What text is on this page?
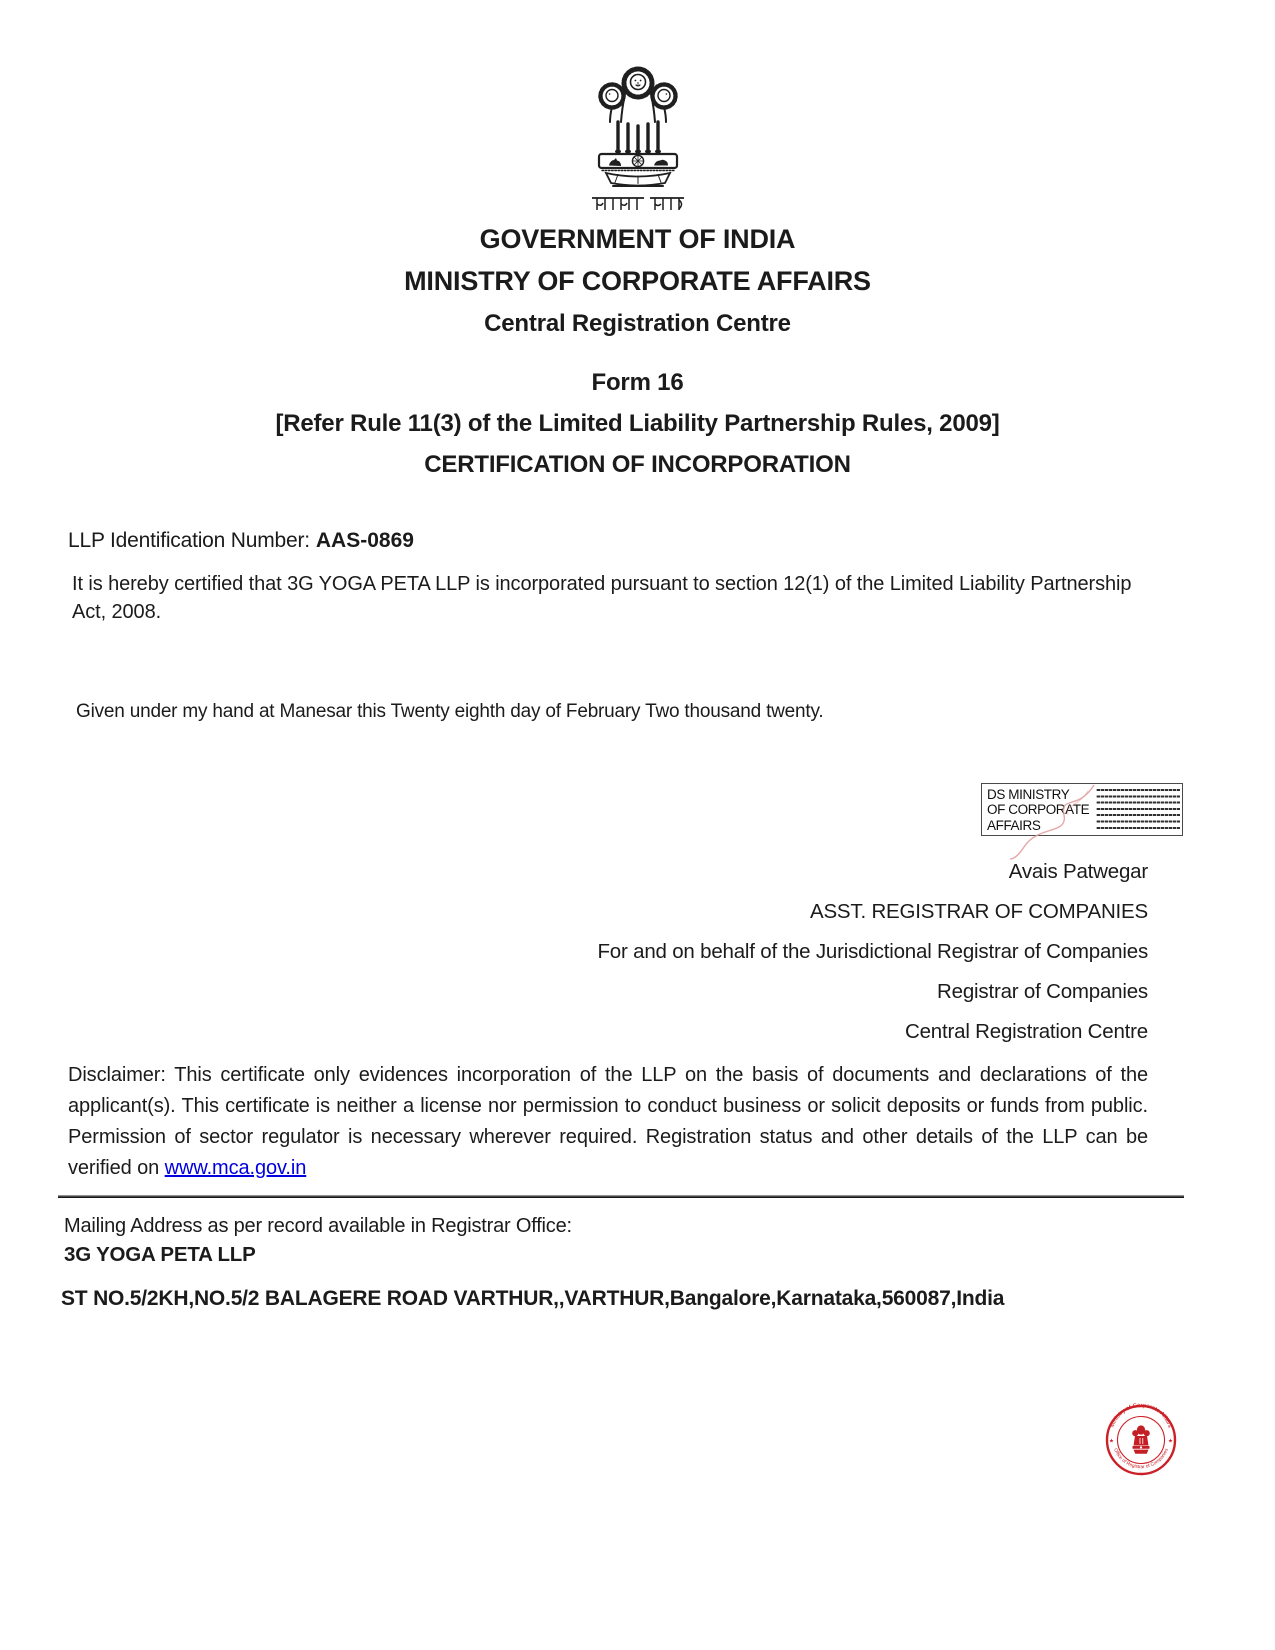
GOVERNMENT OF INDIA
MINISTRY OF CORPORATE AFFAIRS
Central Registration Centre
Form 16
[Refer Rule 11(3) of the Limited Liability Partnership Rules, 2009]
CERTIFICATION OF INCORPORATION
LLP Identification Number: AAS-0869

It is hereby certified that 3G YOGA PETA LLP is incorporated pursuant to section 12(1) of the Limited Liability Partnership Act, 2008.

Given under my hand at Manesar this Twenty eighth day of February Two thousand twenty.
DS MINISTRY
OF CORPORATE
AFFAIRS
Avais Patwegar
ASST. REGISTRAR OF COMPANIES
For and on behalf of the Jurisdictional Registrar of Companies
Registrar of Companies
Central Registration Centre

Disclaimer: This certificate only evidences incorporation of the LLP on the basis of documents and declarations of the applicant(s). This certificate is neither a license nor permission to conduct business or solicit deposits or funds from public. Permission of sector regulator is necessary wherever required. Registration status and other details of the LLP can be verified on www.mca.gov.in

Mailing Address as per record available in Registrar Office:
3G YOGA PETA LLP
ST NO.5/2KH,NO.5/2 BALAGERE ROAD VARTHUR,,VARTHUR,Bangalore,Karnataka,560087,India
Ministry of Corporate Affairs
Office of Registrar of Companies
★	★
